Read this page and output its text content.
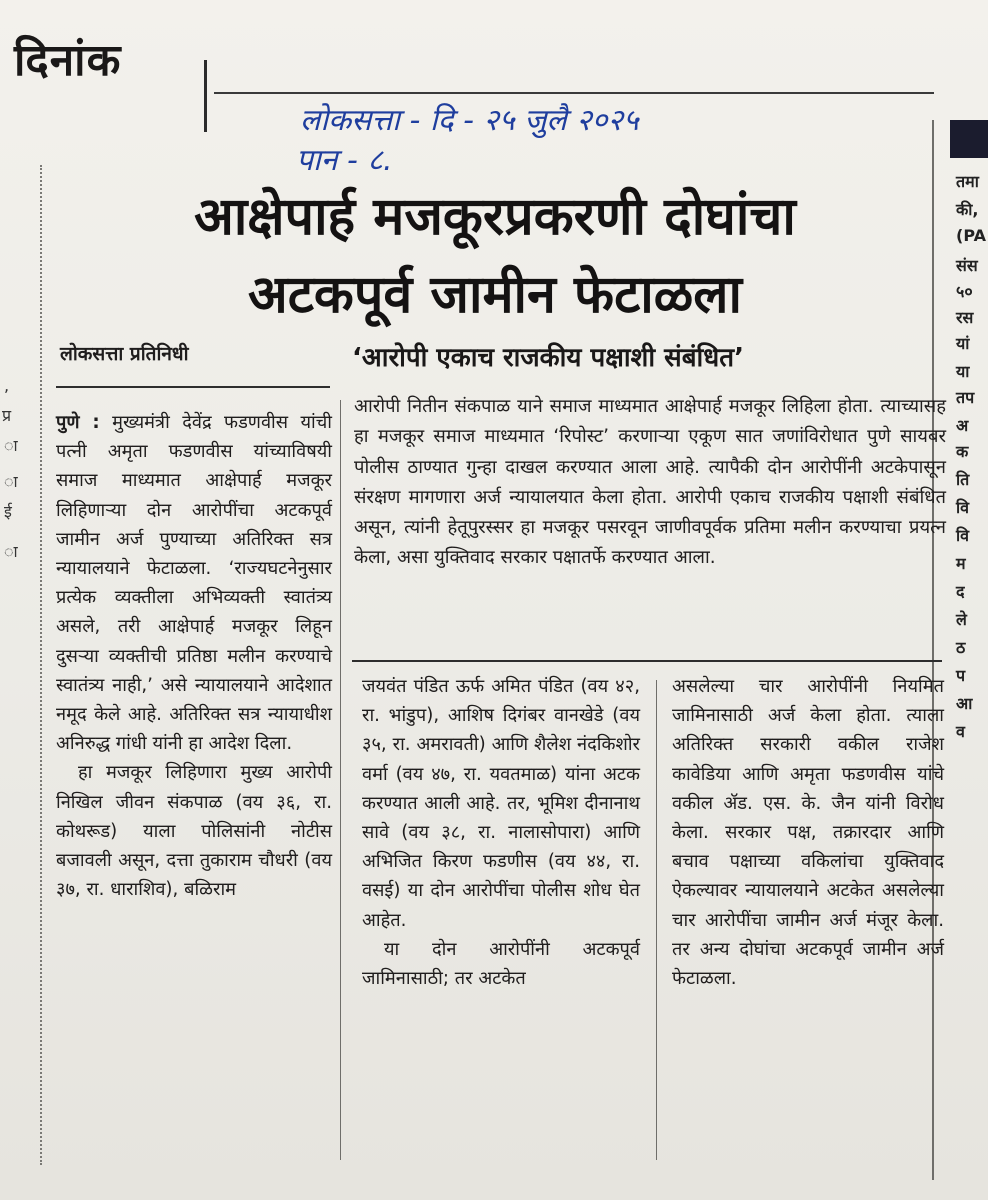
दिनांक
लोकसत्ता - दि - २५ जुलै २०२५
पान - ८.
आक्षेपार्ह मजकूरप्रकरणी दोघांचा
अटकपूर्व जामीन फेटाळला
लोकसत्ता प्रतिनिधी	‘आरोपी एकाच राजकीय पक्षाशी संबंधित’

आरोपी नितीन संकपाळ याने समाज माध्यमात आक्षेपार्ह मजकूर लिहिला होता. त्याच्यासह हा मजकूर समाज माध्यमात ‘रिपोस्ट’ करणाऱ्या एकूण सात जणांविरोधात पुणे सायबर पोलीस ठाण्यात गुन्हा दाखल करण्यात आला आहे. त्यापैकी दोन आरोपींनी अटकेपासून संरक्षण मागणारा अर्ज न्यायालयात केला होता. आरोपी एकाच राजकीय पक्षाशी संबंधित असून, त्यांनी हेतूपुरस्सर हा मजकूर पसरवून जाणीवपूर्वक प्रतिमा मलीन करण्याचा प्रयत्न केला, असा युक्तिवाद सरकार पक्षातर्फे करण्यात आला.

पुणे : मुख्यमंत्री देवेंद्र फडणवीस यांची पत्नी अमृता फडणवीस यांच्याविषयी समाज माध्यमात आक्षेपार्ह मजकूर लिहिणाऱ्या दोन आरोपींचा अटकपूर्व जामीन अर्ज पुण्याच्या अतिरिक्त सत्र न्यायालयाने फेटाळला. ‘राज्यघटनेनुसार प्रत्येक व्यक्तीला अभिव्यक्ती स्वातंत्र्य असले, तरी आक्षेपार्ह मजकूर लिहून दुसऱ्या व्यक्तीची प्रतिष्ठा मलीन करण्याचे स्वातंत्र्य नाही,’ असे न्यायालयाने आदेशात नमूद केले आहे. अतिरिक्त सत्र न्यायाधीश अनिरुद्ध गांधी यांनी हा आदेश दिला.

हा मजकूर लिहिणारा मुख्य आरोपी निखिल जीवन संकपाळ (वय ३६, रा. कोथरूड) याला पोलिसांनी नोटीस बजावली असून, दत्ता तुकाराम चौधरी (वय ३७, रा. धाराशिव), बळिराम

जयवंत पंडित ऊर्फ अमित पंडित (वय ४२, रा. भांडुप), आशिष दिगंबर वानखेडे (वय ३५, रा. अमरावती) आणि शैलेश नंदकिशोर वर्मा (वय ४७, रा. यवतमाळ) यांना अटक करण्यात आली आहे. तर, भूमिश दीनानाथ सावे (वय ३८, रा. नालासोपारा) आणि अभिजित किरण फडणीस (वय ४४, रा. वसई) या दोन आरोपींचा पोलीस शोध घेत आहेत.

या दोन आरोपींनी अटकपूर्व जामिनासाठी; तर अटकेत

असलेल्या चार आरोपींनी नियमित जामिनासाठी अर्ज केला होता. त्याला अतिरिक्त सरकारी वकील राजेश कावेडिया आणि अमृता फडणवीस यांचे वकील ॲड. एस. के. जैन यांनी विरोध केला. सरकार पक्ष, तक्रारदार आणि बचाव पक्षाच्या वकिलांचा युक्तिवाद ऐकल्यावर न्यायालयाने अटकेत असलेल्या चार आरोपींचा जामीन अर्ज मंजूर केला. तर अन्य दोघांचा अटकपूर्व जामीन अर्ज फेटाळला.

तमा
की,
(PA
संस
५०
रस
यां
या
तप
अ
क
ति
वि
वि
म
द
ले
ठ
प
आ
व
,
प्र
ा
ा
ई
ा
